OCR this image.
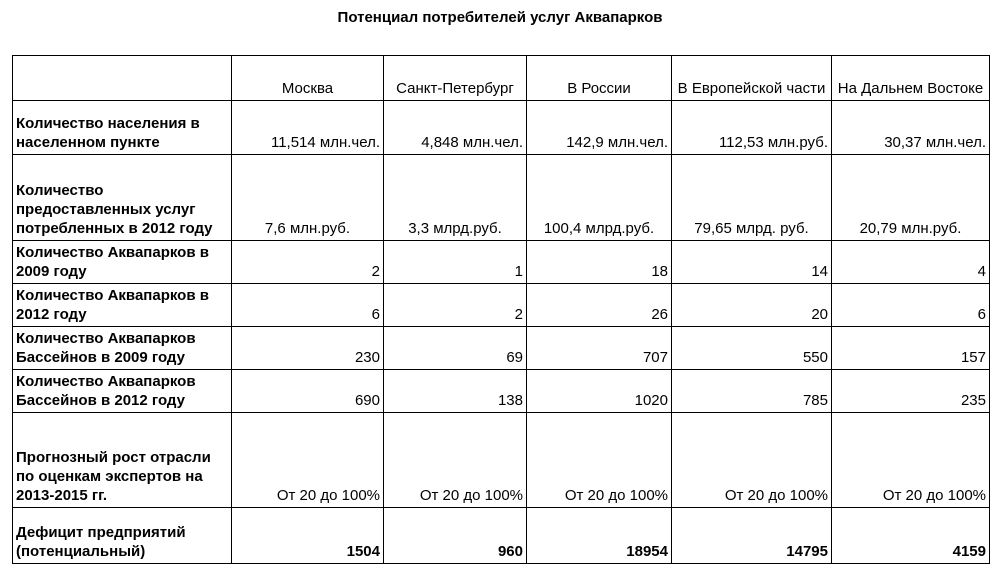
Потенциал потребителей услуг Аквапарков
	Москва	Санкт-Петербург	В России	В Европейской части	На Дальнем Востоке
Количество населения в населенном пункте	11,514 млн.чел.	4,848 млн.чел.	142,9 млн.чел.	112,53 млн.руб.	30,37 млн.чел.
Количество предоставленных услуг потребленных в 2012 году	7,6 млн.руб.	3,3 млрд.руб.	100,4 млрд.руб.	79,65 млрд. руб.	20,79 млн.руб.
Количество Аквапарков в 2009 году	2	1	18	14	4
Количество Аквапарков в 2012 году	6	2	26	20	6
Количество Аквапарков Бассейнов в 2009 году	230	69	707	550	157
Количество Аквапарков Бассейнов в 2012 году	690	138	1020	785	235
Прогнозный рост отрасли по оценкам экспертов на 2013-2015 гг.	От 20 до 100%	От 20 до 100%	От 20 до 100%	От 20 до 100%	От 20 до 100%
Дефицит предприятий (потенциальный)	1504	960	18954	14795	4159
